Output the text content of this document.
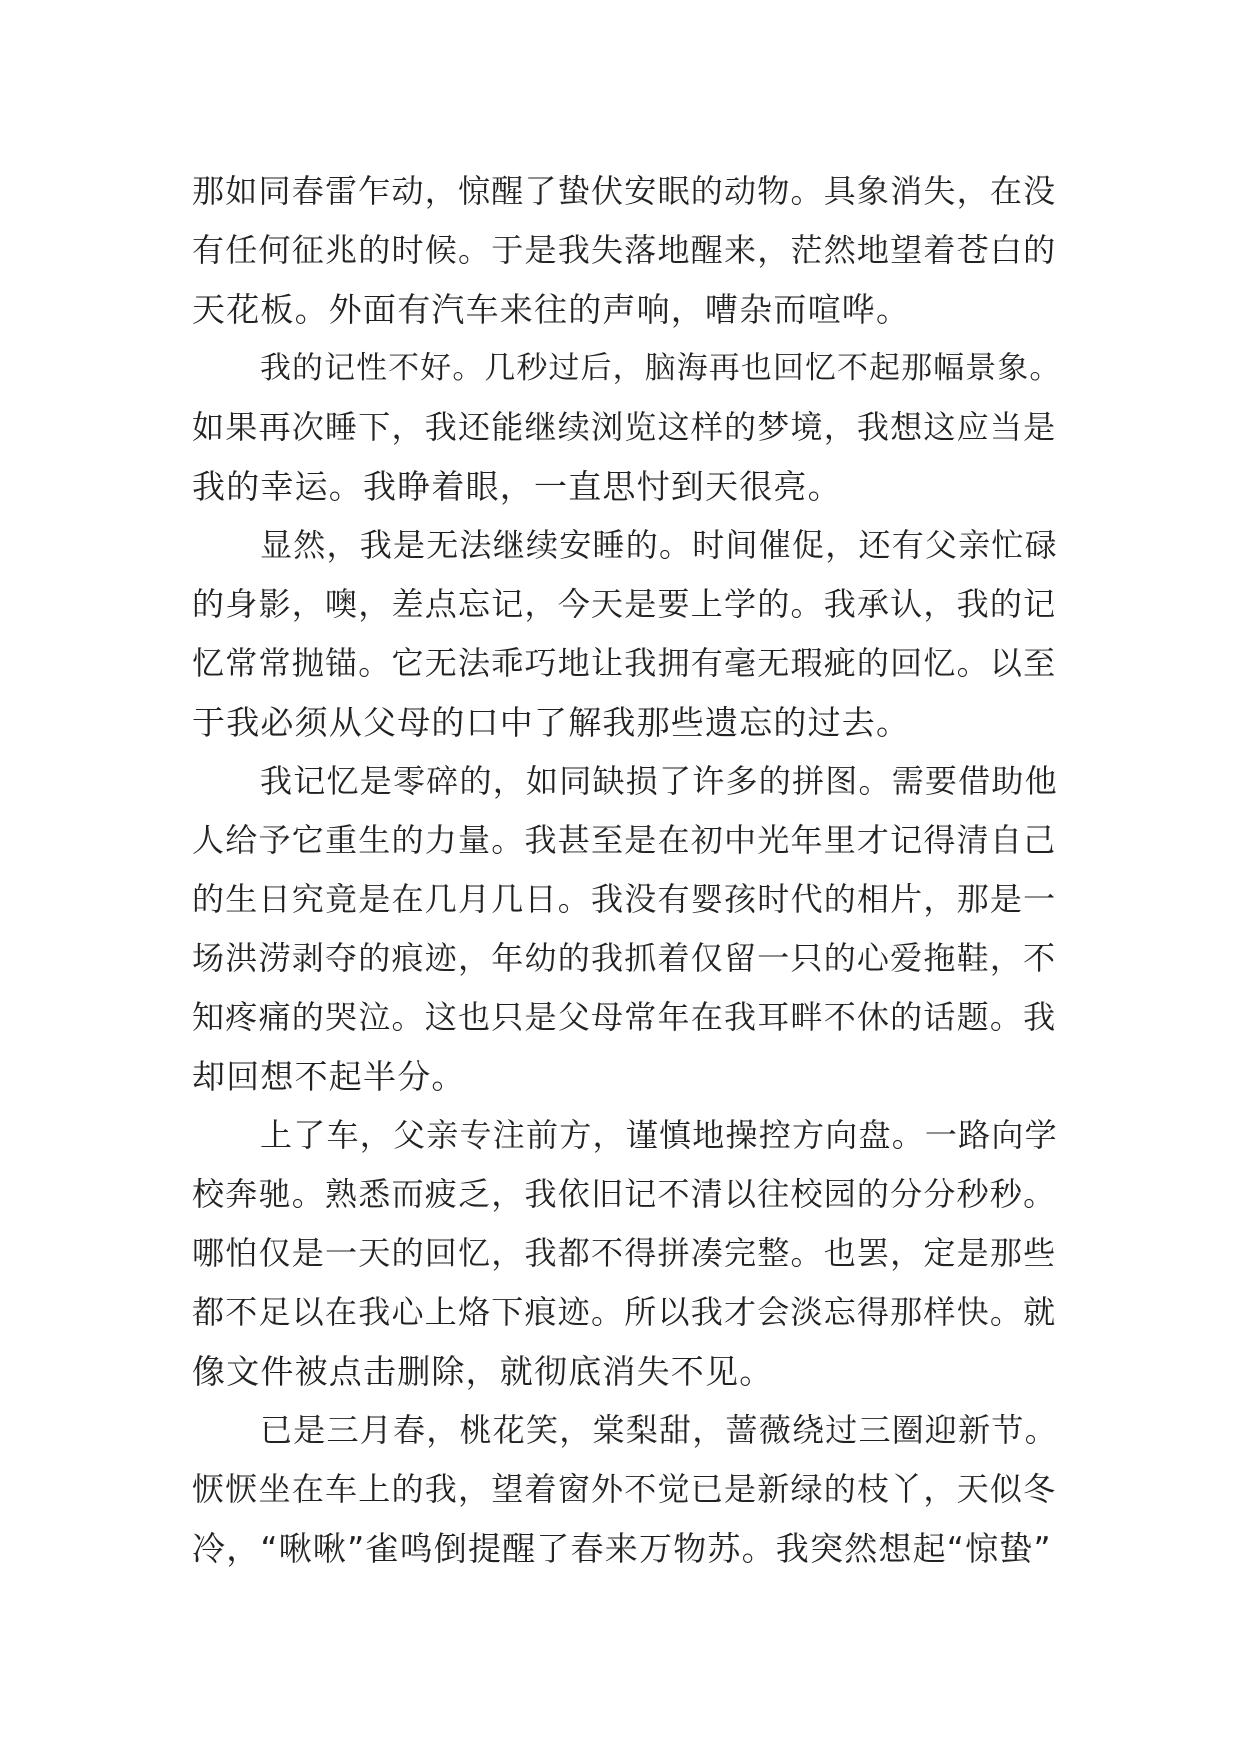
那如同春雷乍动，惊醒了蛰伏安眠的动物。具象消失，在没
有任何征兆的时候。于是我失落地醒来，茫然地望着苍白的
天花板。外面有汽车来往的声响，嘈杂而喧哗。
我的记性不好。几秒过后，脑海再也回忆不起那幅景象。
如果再次睡下，我还能继续浏览这样的梦境，我想这应当是
我的幸运。我睁着眼，一直思忖到天很亮。
显然，我是无法继续安睡的。时间催促，还有父亲忙碌
的身影，噢，差点忘记，今天是要上学的。我承认，我的记
忆常常抛锚。它无法乖巧地让我拥有毫无瑕疵的回忆。以至
于我必须从父母的口中了解我那些遗忘的过去。
我记忆是零碎的，如同缺损了许多的拼图。需要借助他
人给予它重生的力量。我甚至是在初中光年里才记得清自己
的生日究竟是在几月几日。我没有婴孩时代的相片，那是一
场洪涝剥夺的痕迹，年幼的我抓着仅留一只的心爱拖鞋，不
知疼痛的哭泣。这也只是父母常年在我耳畔不休的话题。我
却回想不起半分。
上了车，父亲专注前方，谨慎地操控方向盘。一路向学
校奔驰。熟悉而疲乏，我依旧记不清以往校园的分分秒秒。
哪怕仅是一天的回忆，我都不得拼凑完整。也罢，定是那些
都不足以在我心上烙下痕迹。所以我才会淡忘得那样快。就
像文件被点击删除，就彻底消失不见。
已是三月春，桃花笑，棠梨甜，蔷薇绕过三圈迎新节。
恹恹坐在车上的我，望着窗外不觉已是新绿的枝丫，天似冬
冷，“啾啾”雀鸣倒提醒了春来万物苏。我突然想起“惊蛰”
